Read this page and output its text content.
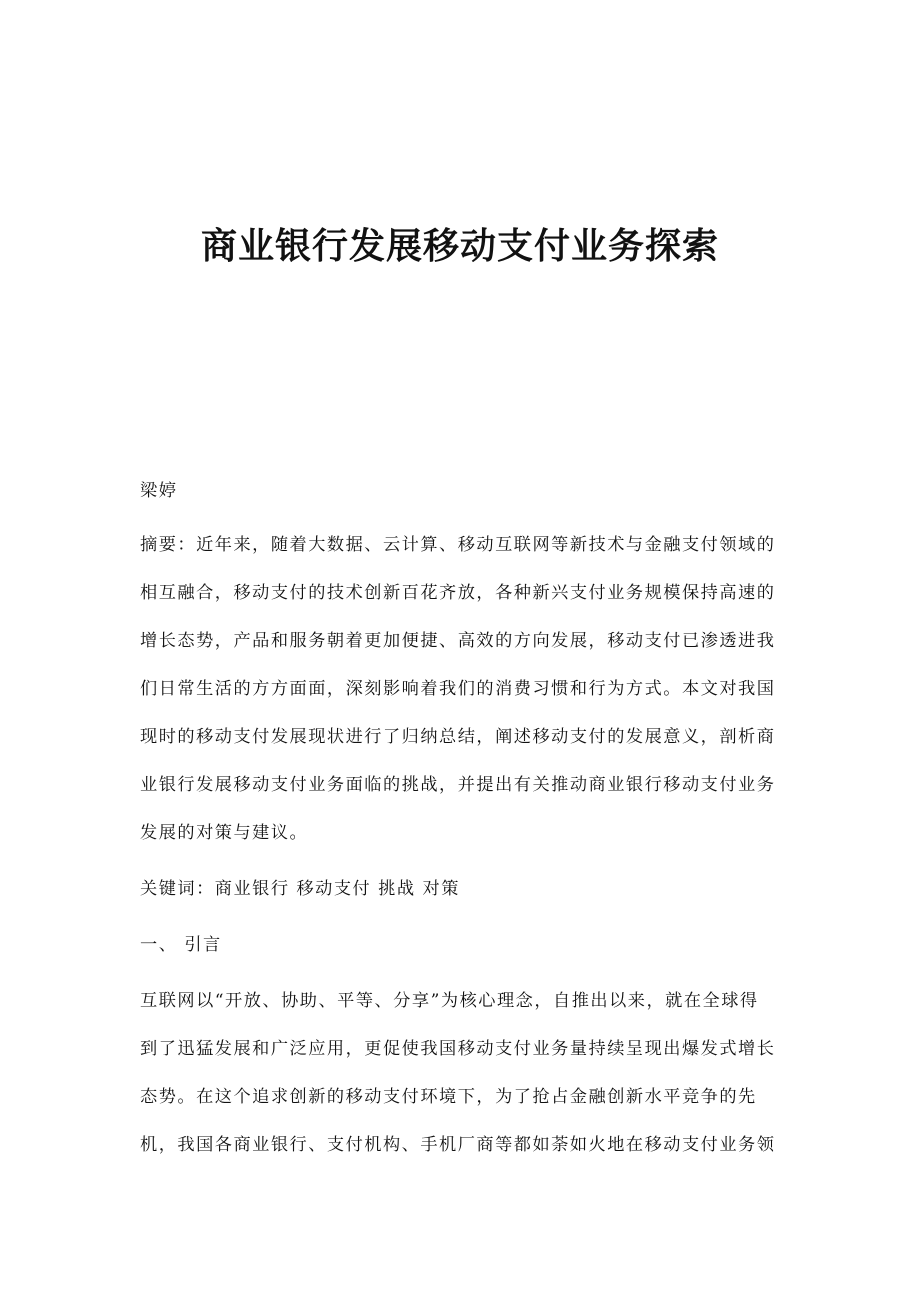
商业银行发展移动支付业务探索
梁婷
摘要：近年来，随着大数据、云计算、移动互联网等新技术与金融支付领域的
相互融合，移动支付的技术创新百花齐放，各种新兴支付业务规模保持高速的
增长态势，产品和服务朝着更加便捷、高效的方向发展，移动支付已渗透进我
们日常生活的方方面面，深刻影响着我们的消费习惯和行为方式。本文对我国
现时的移动支付发展现状进行了归纳总结，阐述移动支付的发展意义，剖析商
业银行发展移动支付业务面临的挑战，并提出有关推动商业银行移动支付业务
发展的对策与建议。
关键词：商业银行 移动支付 挑战 对策
一、 引言
互联网以“开放、协助、平等、分享”为核心理念，自推出以来，就在全球得
到了迅猛发展和广泛应用，更促使我国移动支付业务量持续呈现出爆发式增长
态势。在这个追求创新的移动支付环境下，为了抢占金融创新水平竞争的先
机，我国各商业银行、支付机构、手机厂商等都如荼如火地在移动支付业务领
